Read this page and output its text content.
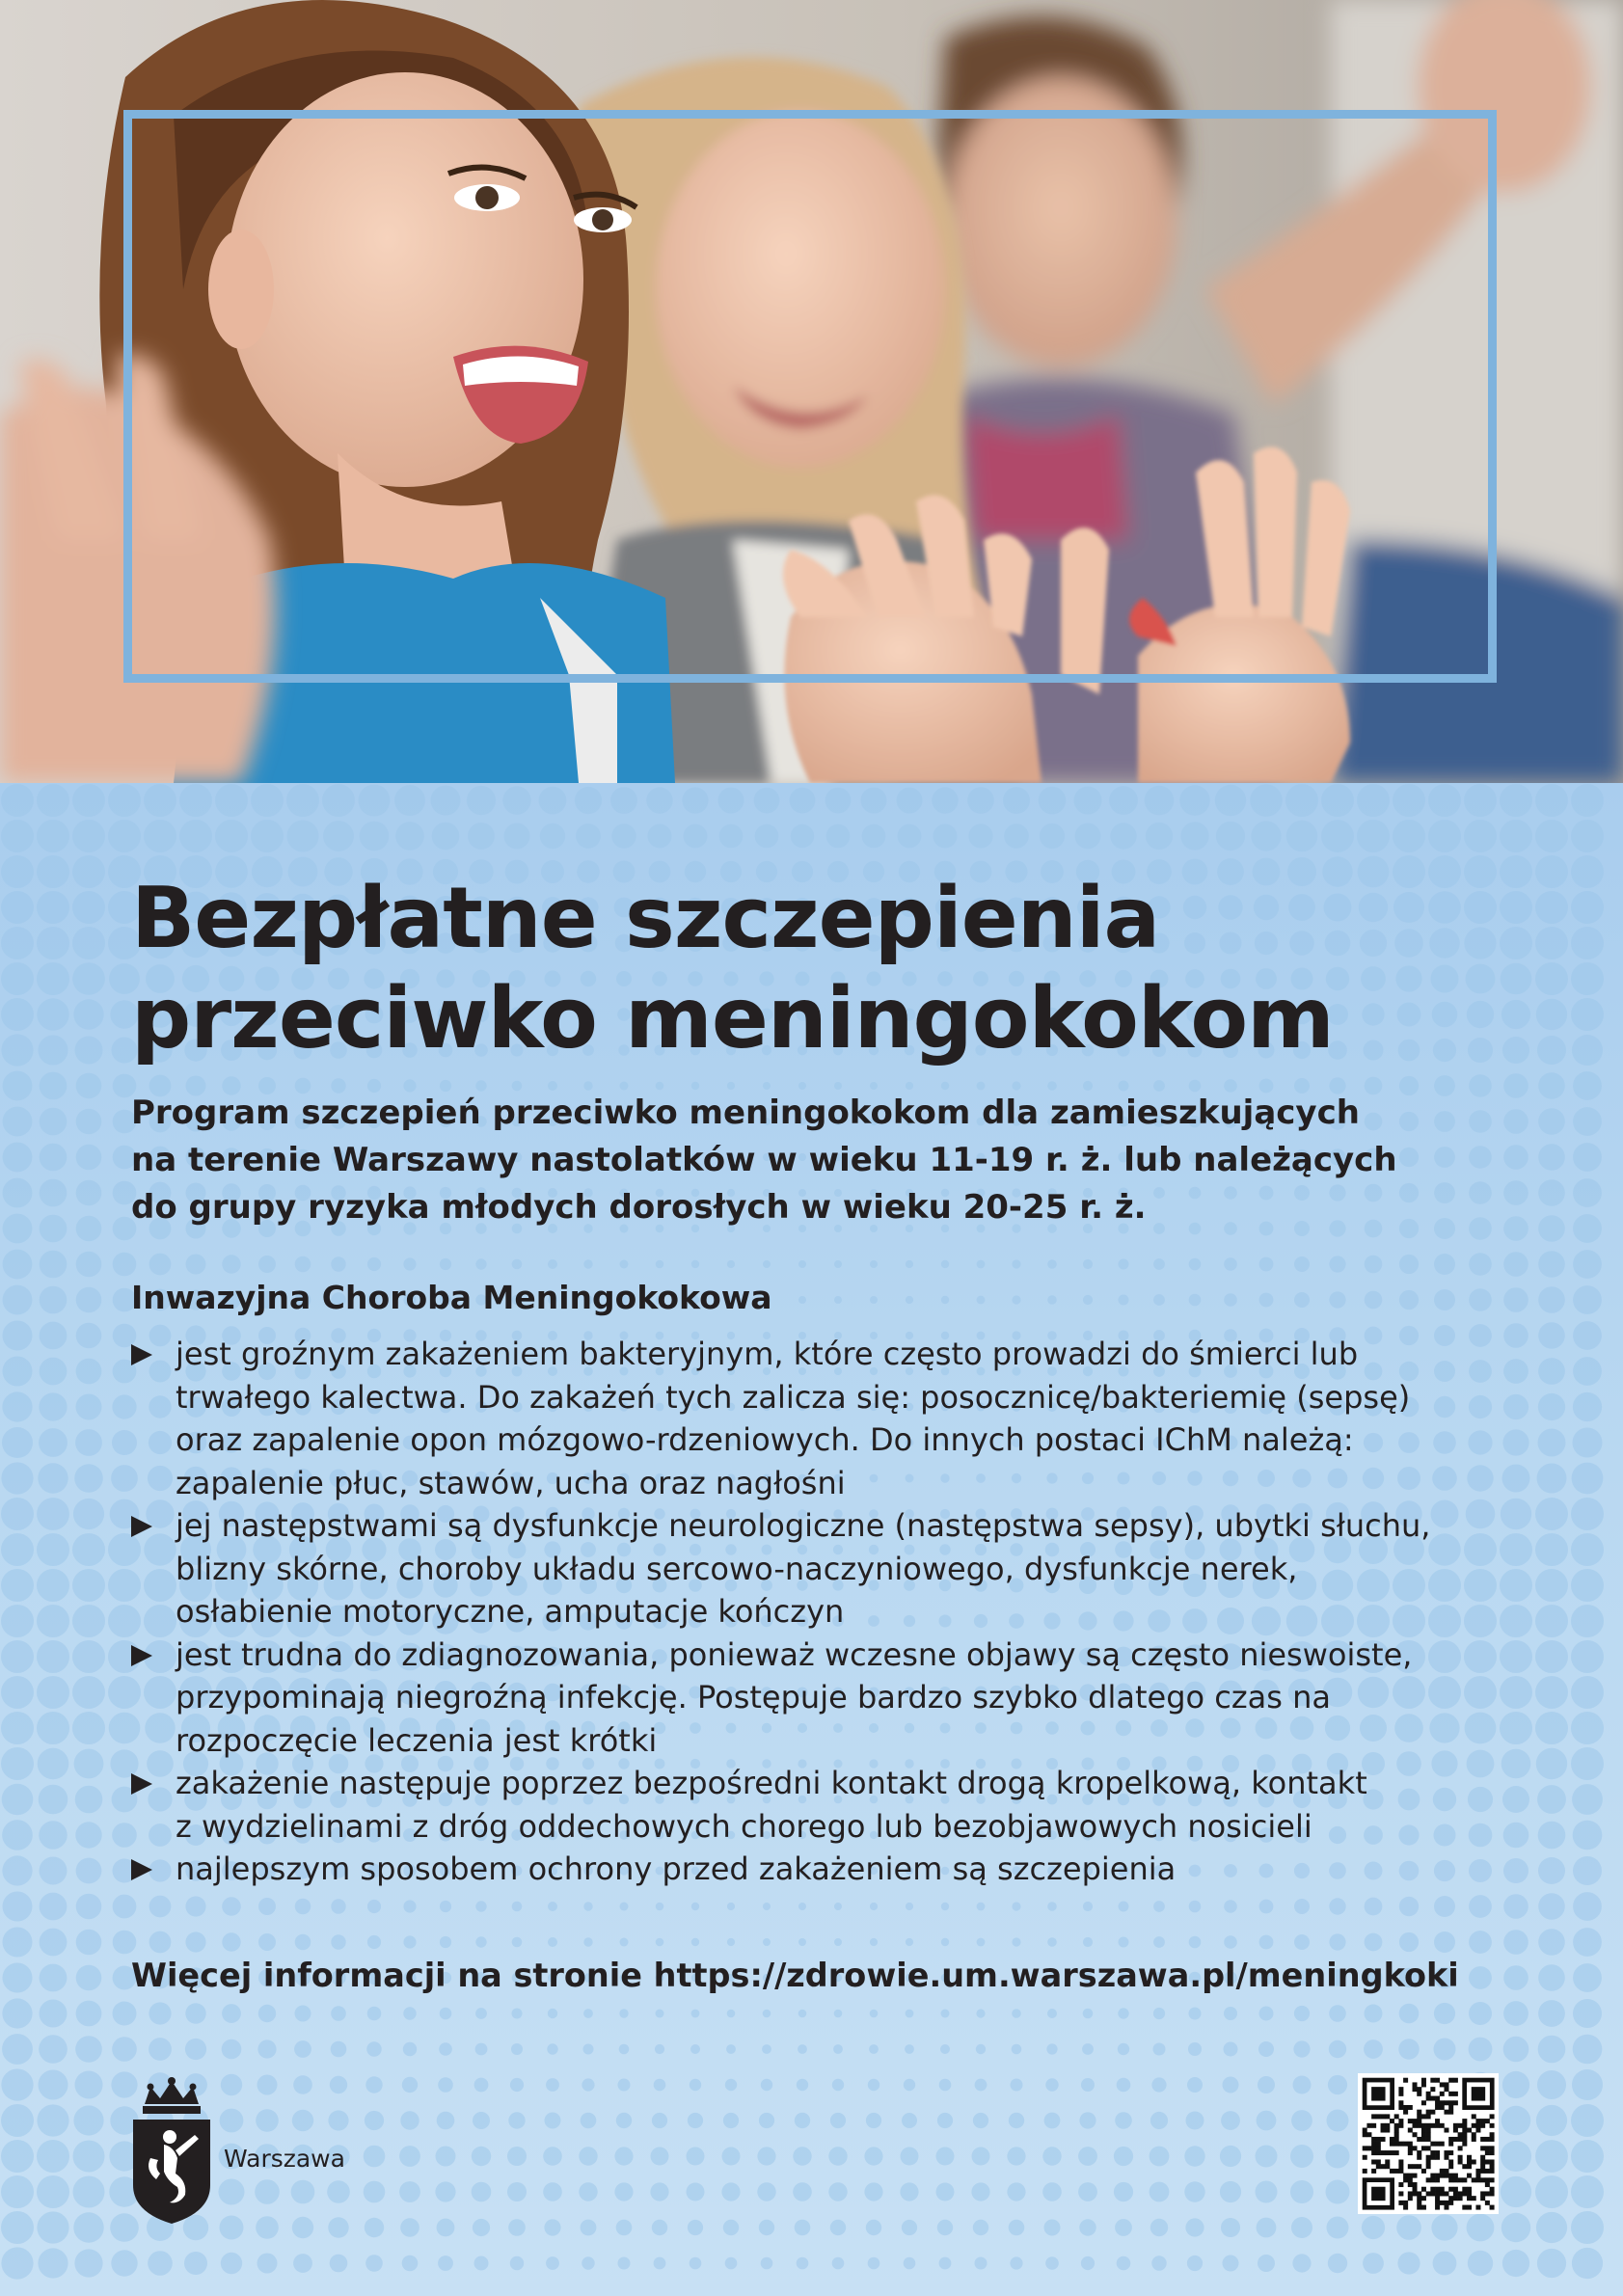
Bezpłatne szczepienia
przeciwko meningokokom

Program szczepień przeciwko meningokokom dla zamieszkujących
na terenie Warszawy nastolatków w wieku 11-19 r. ż. lub należących
do grupy ryzyka młodych dorosłych w wieku 20-25 r. ż.

Inwazyjna Choroba Meningokokowa
jest groźnym zakażeniem bakteryjnym, które często prowadzi do śmierci lub
trwałego kalectwa. Do zakażeń tych zalicza się: posocznicę/bakteriemię (sepsę)
oraz zapalenie opon mózgowo-rdzeniowych. Do innych postaci IChM należą:
zapalenie płuc, stawów, ucha oraz nagłośni
jej następstwami są dysfunkcje neurologiczne (następstwa sepsy), ubytki słuchu,
blizny skórne, choroby układu sercowo-naczyniowego, dysfunkcje nerek,
osłabienie motoryczne, amputacje kończyn
jest trudna do zdiagnozowania, ponieważ wczesne objawy są często nieswoiste,
przypominają niegroźną infekcję. Postępuje bardzo szybko dlatego czas na
rozpoczęcie leczenia jest krótki
zakażenie następuje poprzez bezpośredni kontakt drogą kropelkową, kontakt
z wydzielinami z dróg oddechowych chorego lub bezobjawowych nosicieli
najlepszym sposobem ochrony przed zakażeniem są szczepienia

Więcej informacji na stronie https://zdrowie.um.warszawa.pl/meningkoki

Warszawa
